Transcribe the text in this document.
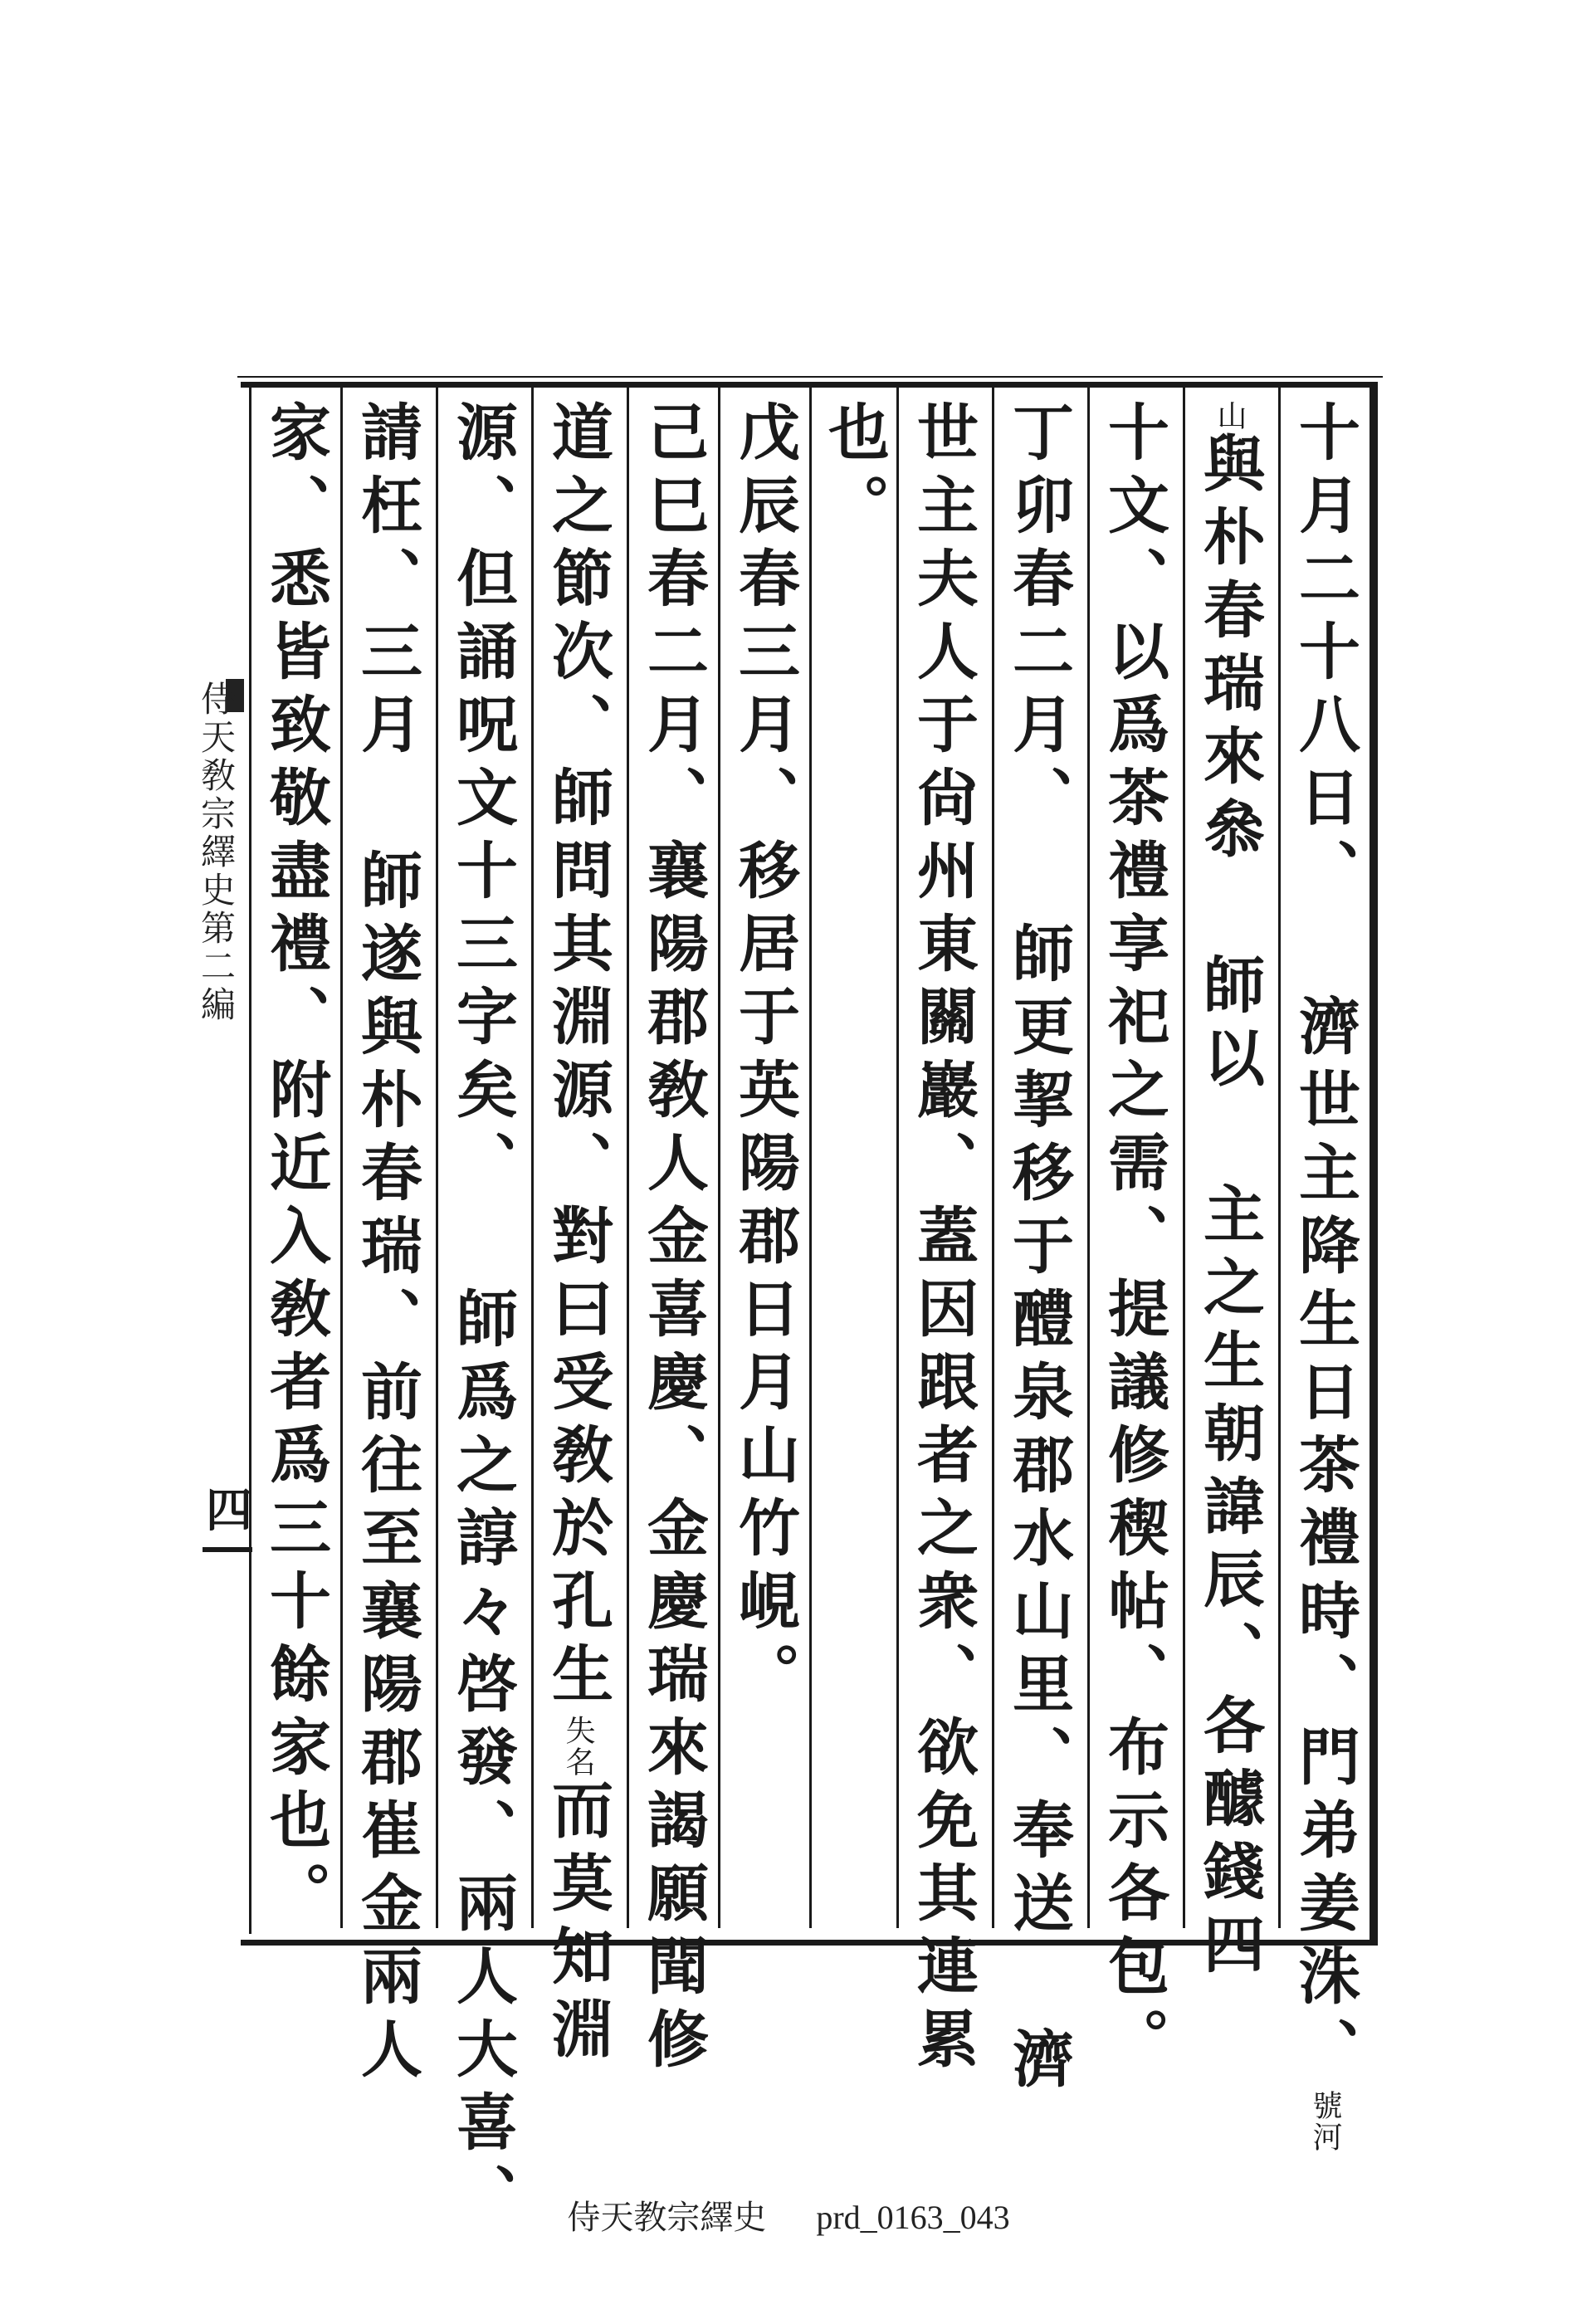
十月二十八日、 濟世主降生日茶禮時、門弟姜洙、號河
山與朴春瑞來叅 師以 主之生朝諱辰、各醵錢四
十文、以爲茶禮享祀之需、提議修稧帖、布示各包。
丁卯春二月、 師更挈移于醴泉郡水山里、奉送 濟
世主夫人于尙州東關巖、蓋因跟者之衆、欲免其連累
也。
戊辰春三月、移居于英陽郡日月山竹峴。
己巳春二月、襄陽郡敎人金喜慶、金慶瑞來謁願聞修
道之節次、師問其淵源、對曰受敎於孔生失名而莫知淵
源、但誦呪文十三字矣、 師爲之諄々啓發、兩人大喜、
請枉、三月 師遂與朴春瑞、前往至襄陽郡崔金兩人
家、悉皆致敬盡禮、附近入敎者爲三十餘家也。
侍天敎宗繹史第二編
四
侍天教宗繹史 prd_0163_043
